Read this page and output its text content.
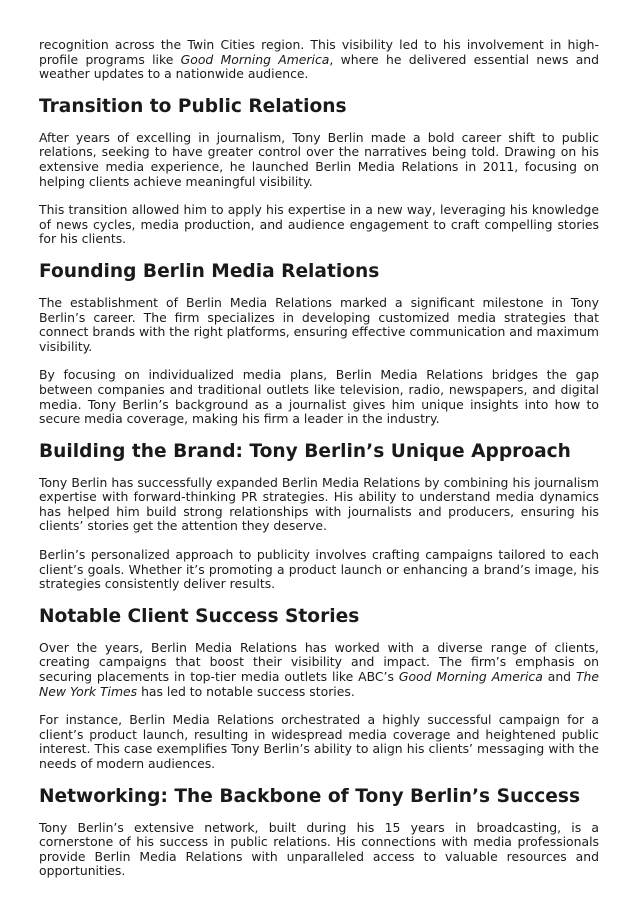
recognition across the Twin Cities region. This visibility led to his involvement in high-profile programs like Good Morning America, where he delivered essential news and weather updates to a nationwide audience.

Transition to Public Relations

After years of excelling in journalism, Tony Berlin made a bold career shift to public relations, seeking to have greater control over the narratives being told. Drawing on his extensive media experience, he launched Berlin Media Relations in 2011, focusing on helping clients achieve meaningful visibility.

This transition allowed him to apply his expertise in a new way, leveraging his knowledge of news cycles, media production, and audience engagement to craft compelling stories for his clients.

Founding Berlin Media Relations

The establishment of Berlin Media Relations marked a significant milestone in Tony Berlin’s career. The firm specializes in developing customized media strategies that connect brands with the right platforms, ensuring effective communication and maximum visibility.

By focusing on individualized media plans, Berlin Media Relations bridges the gap between companies and traditional outlets like television, radio, newspapers, and digital media. Tony Berlin’s background as a journalist gives him unique insights into how to secure media coverage, making his firm a leader in the industry.

Building the Brand: Tony Berlin’s Unique Approach

Tony Berlin has successfully expanded Berlin Media Relations by combining his journalism expertise with forward-thinking PR strategies. His ability to understand media dynamics has helped him build strong relationships with journalists and producers, ensuring his clients’ stories get the attention they deserve.

Berlin’s personalized approach to publicity involves crafting campaigns tailored to each client’s goals. Whether it’s promoting a product launch or enhancing a brand’s image, his strategies consistently deliver results.

Notable Client Success Stories

Over the years, Berlin Media Relations has worked with a diverse range of clients, creating campaigns that boost their visibility and impact. The firm’s emphasis on securing placements in top-tier media outlets like ABC’s Good Morning America and The New York Times has led to notable success stories.

For instance, Berlin Media Relations orchestrated a highly successful campaign for a client’s product launch, resulting in widespread media coverage and heightened public interest. This case exemplifies Tony Berlin’s ability to align his clients’ messaging with the needs of modern audiences.

Networking: The Backbone of Tony Berlin’s Success

Tony Berlin’s extensive network, built during his 15 years in broadcasting, is a cornerstone of his success in public relations. His connections with media professionals provide Berlin Media Relations with unparalleled access to valuable resources and opportunities.
